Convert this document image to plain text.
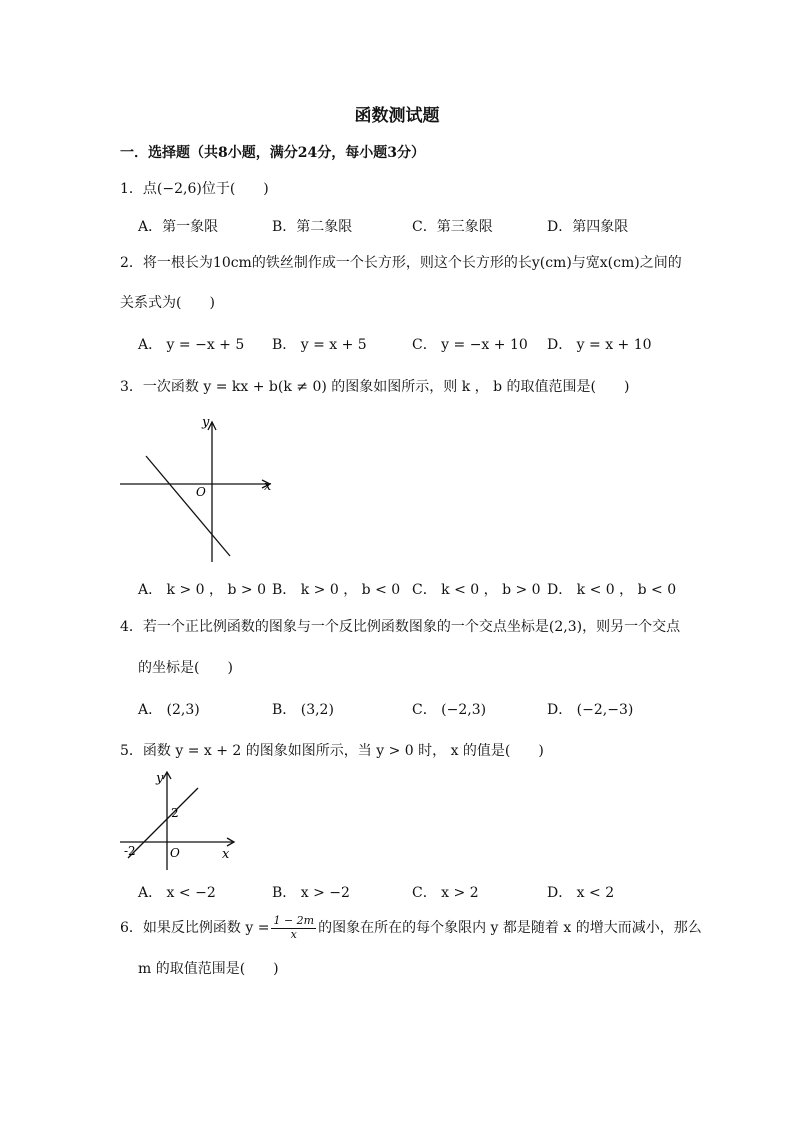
函数测试题
一．选择题（共8小题，满分24分，每小题3分）
1．点(−2,6)位于(　　)
A．第一象限	B．第二象限	C．第三象限	D．第四象限
2．将一根长为10cm的铁丝制作成一个长方形，则这个长方形的长y(cm)与宽x(cm)之间的
关系式为(　　)
A． y = −x + 5 B． y = x + 5	C． y = −x + 10 D． y = x + 10
3．一次函数 y = kx + b(k ≠ 0) 的图象如图所示，则 k ， b 的取值范围是(　　)
x
y
O
A． k > 0 ， b > 0 B． k > 0 ， b < 0 C． k < 0 ， b > 0 D． k < 0 ， b < 0
4．若一个正比例函数的图象与一个反比例函数图象的一个交点坐标是(2,3)，则另一个交点
的坐标是(　　)
A． (2,3)	B． (3,2)	C． (−2,3)	D． (−2,−3)
5．函数 y = x + 2 的图象如图所示，当 y > 0 时， x 的值是(　　)
x
y
O
-2
2
A． x < −2	B． x > −2	C． x > 2	D． x < 2
6．如果反比例函数 $y = \frac{1 - 2m}{x}$ 的图象在所在的每个象限内 y 都是随着 x 的增大而减小，那么
m 的取值范围是(　　)
